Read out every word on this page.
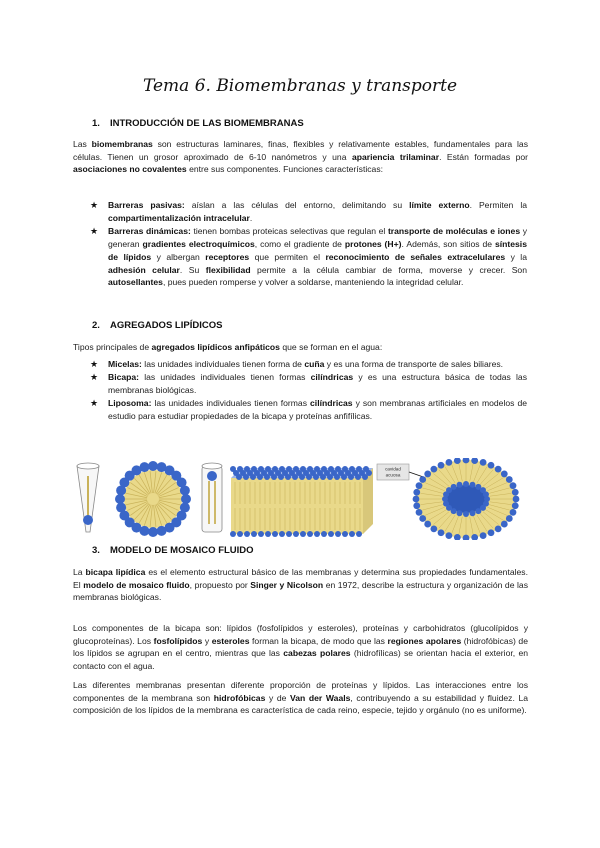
Tema 6. Biomembranas y transporte
1. INTRODUCCIÓN DE LAS BIOMEMBRANAS

Las biomembranas son estructuras laminares, finas, flexibles y relativamente estables, fundamentales para las células. Tienen un grosor aproximado de 6-10 nanómetros y una apariencia trilaminar. Están formadas por asociaciones no covalentes entre sus componentes. Funciones características:

★ Barreras pasivas: aíslan a las células del entorno, delimitando su límite externo. Permiten la compartimentalización intracelular.

★ Barreras dinámicas: tienen bombas proteicas selectivas que regulan el transporte de moléculas e iones y generan gradientes electroquímicos, como el gradiente de protones (H+). Además, son sitios de síntesis de lípidos y albergan receptores que permiten el reconocimiento de señales extracelulares y la adhesión celular. Su flexibilidad permite a la célula cambiar de forma, moverse y crecer. Son autosellantes, pues pueden romperse y volver a soldarse, manteniendo la integridad celular.

2. AGREGADOS LIPÍDICOS

Tipos principales de agregados lipídicos anfipáticos que se forman en el agua:

★ Micelas: las unidades individuales tienen forma de cuña y es una forma de transporte de sales biliares.

★ Bicapa: las unidades individuales tienen formas cilíndricas y es una estructura básica de todas las membranas biológicas.

★ Liposoma: las unidades individuales tienen formas cilíndricas y son membranas artificiales en modelos de estudio para estudiar propiedades de la bicapa y proteínas anfifílicas.

cavidad
acuosa
3. MODELO DE MOSAICO FLUIDO

La bicapa lipídica es el elemento estructural básico de las membranas y determina sus propiedades fundamentales. El modelo de mosaico fluido, propuesto por Singer y Nicolson en 1972, describe la estructura y organización de las membranas biológicas.

Los componentes de la bicapa son: lípidos (fosfolípidos y esteroles), proteínas y carbohidratos (glucolípidos y glucoproteínas). Los fosfolípidos y esteroles forman la bicapa, de modo que las regiones apolares (hidrofóbicas) de los lípidos se agrupan en el centro, mientras que las cabezas polares (hidrofílicas) se orientan hacia el exterior, en contacto con el agua.

Las diferentes membranas presentan diferente proporción de proteínas y lípidos. Las interacciones entre los componentes de la membrana son hidrofóbicas y de Van der Waals, contribuyendo a su estabilidad y fluidez. La composición de los lípidos de la membrana es característica de cada reino, especie, tejido y orgánulo (no es uniforme).
